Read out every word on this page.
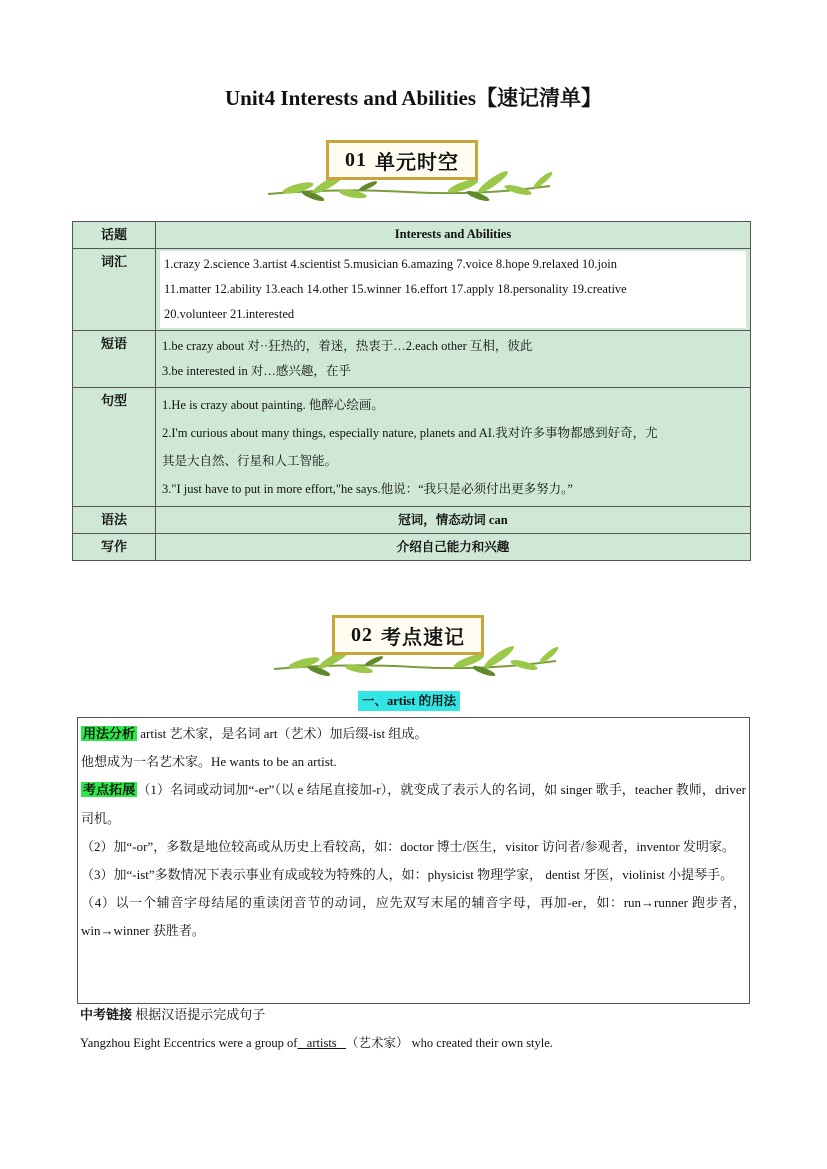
Unit4 Interests and Abilities【速记清单】
01 单元时空
话题	Interests and Abilities
词汇	1.crazy 2.science 3.artist 4.scientist 5.musician 6.amazing 7.voice 8.hope 9.relaxed 10.join
11.matter 12.ability 13.each 14.other 15.winner 16.effort 17.apply 18.personality 19.creative
20.volunteer 21.interested

短语	1.be crazy about 对··狂热的，着迷，热衷于…2.each other 互相，彼此
3.be interested in 对…感兴趣，在乎

句型	1.He is crazy about painting. 他醉心绘画。
2.I'm curious about many things, especially nature, planets and AI.我对许多事物都感到好奇，尤
其是大自然、行星和人工智能。
3."I just have to put in more effort,"he says.他说：“我只是必须付出更多努力。”

语法	冠词，情态动词 can
写作	介绍自己能力和兴趣
02 考点速记
一、artist 的用法

用法分析 artist 艺术家，是名词 art（艺术）加后缀-ist 组成。

他想成为一名艺术家。He wants to be an artist.

考点拓展 （1）名词或动词加“-er”（以 e 结尾直接加-r），就变成了表示人的名词，如 singer 歌手，teacher 教师，driver 司机。

（2）加“-or”，多数是地位较高或从历史上看较高，如：doctor 博士/医生，visitor 访问者/参观者，inventor 发明家。

（3）加“-ist”多数情况下表示事业有成或较为特殊的人，如：physicist 物理学家， dentist 牙医，violinist 小提琴手。

（4）以一个辅音字母结尾的重读闭音节的动词，应先双写末尾的辅音字母，再加-er，如：run→runner 跑步者，win→winner 获胜者。

中考链接 根据汉语提示完成句子
Yangzhou Eight Eccentrics were a group of   artists   （艺术家） who created their own style.
